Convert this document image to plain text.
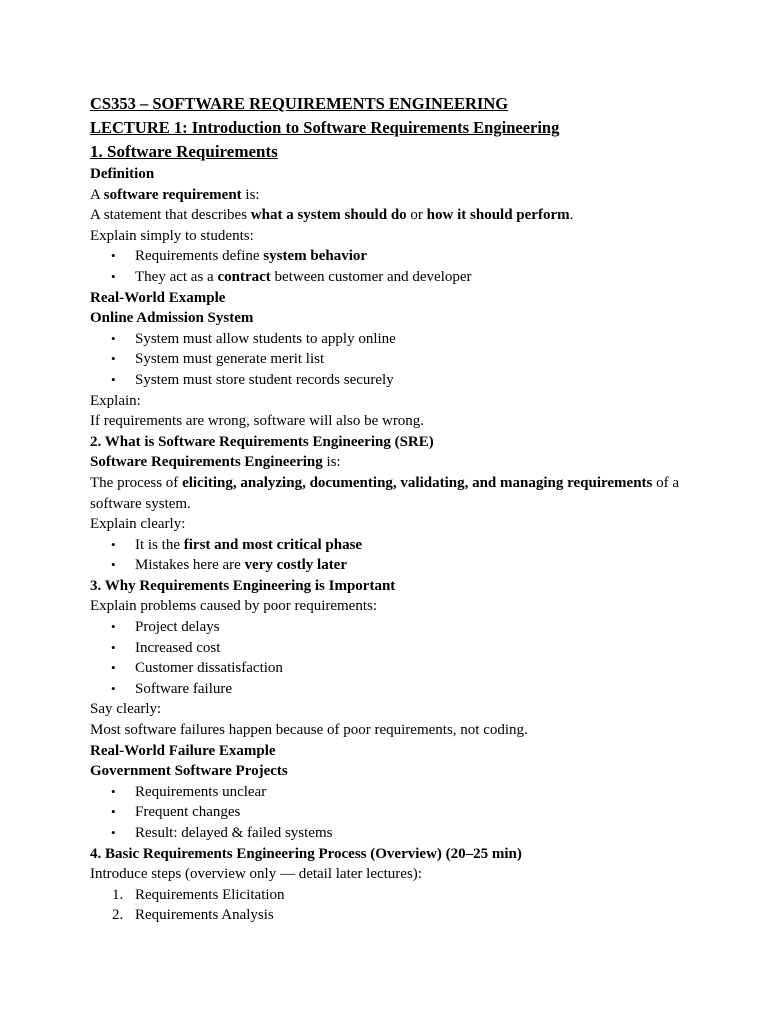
CS353 – SOFTWARE REQUIREMENTS ENGINEERING
LECTURE 1: Introduction to Software Requirements Engineering
1. Software Requirements
Definition
A software requirement is:
A statement that describes what a system should do or how it should perform.
Explain simply to students:
• Requirements define system behavior
• They act as a contract between customer and developer
Real-World Example
Online Admission System
• System must allow students to apply online
• System must generate merit list
• System must store student records securely
Explain:
If requirements are wrong, software will also be wrong.
2. What is Software Requirements Engineering (SRE)
Software Requirements Engineering is:
The process of eliciting, analyzing, documenting, validating, and managing requirements of a software system.
Explain clearly:
• It is the first and most critical phase
• Mistakes here are very costly later
3. Why Requirements Engineering is Important
Explain problems caused by poor requirements:
• Project delays
• Increased cost
• Customer dissatisfaction
• Software failure
Say clearly:
Most software failures happen because of poor requirements, not coding.
Real-World Failure Example
Government Software Projects
• Requirements unclear
• Frequent changes
• Result: delayed & failed systems
4. Basic Requirements Engineering Process (Overview) (20–25 min)
Introduce steps (overview only — detail later lectures):
1. Requirements Elicitation
2. Requirements Analysis
